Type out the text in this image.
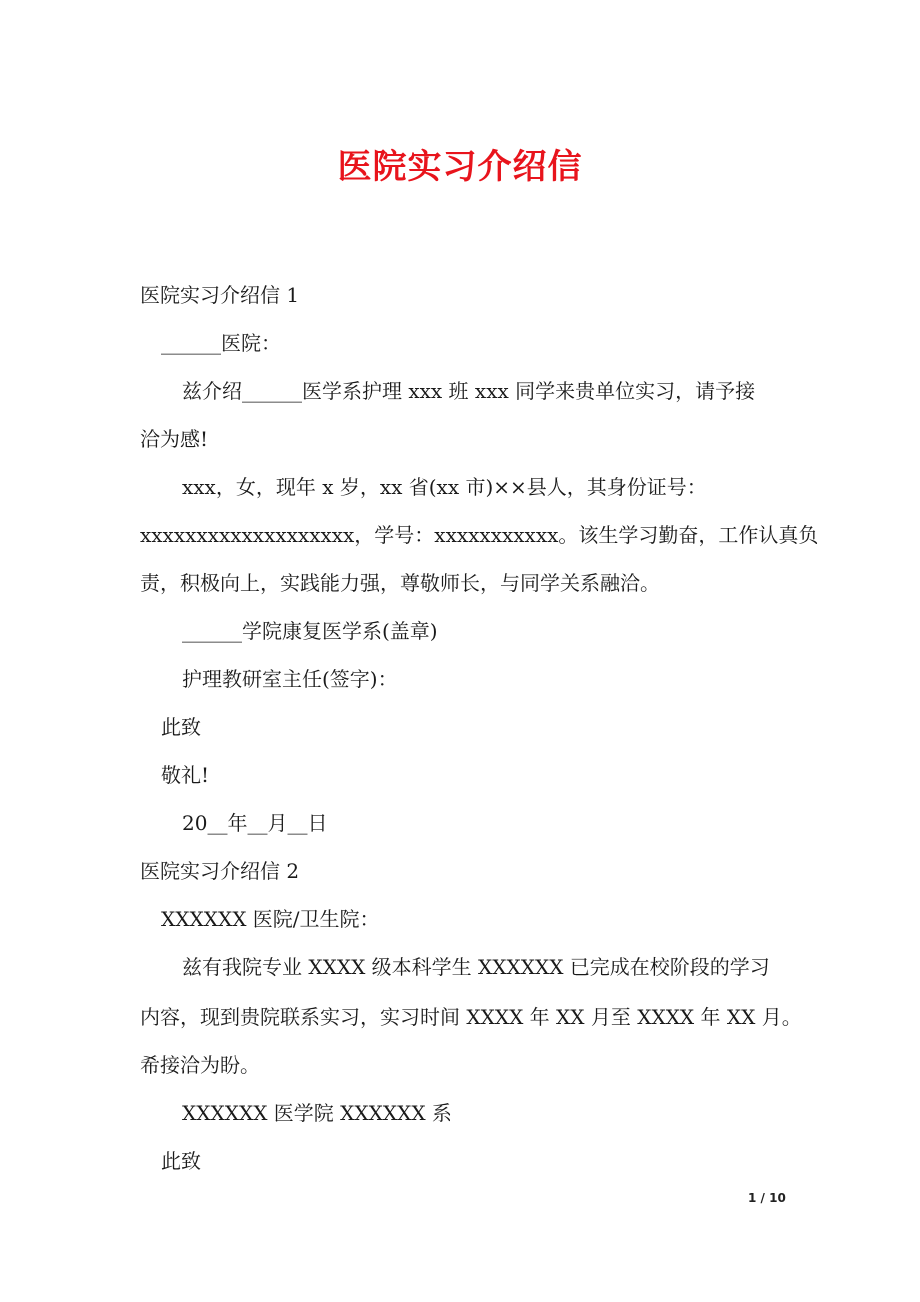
医院实习介绍信
医院实习介绍信 1
______医院：
兹介绍______医学系护理 xxx 班 xxx 同学来贵单位实习，请予接
洽为感!
xxx，女，现年 x 岁，xx 省(xx 市)××县人，其身份证号：
xxxxxxxxxxxxxxxxxxx，学号：xxxxxxxxxxx。该生学习勤奋，工作认真负
责，积极向上，实践能力强，尊敬师长，与同学关系融洽。
______学院康复医学系(盖章)
护理教研室主任(签字)：
此致
敬礼!
20__年__月__日
医院实习介绍信 2
XXXXXX 医院/卫生院：
兹有我院专业 XXXX 级本科学生 XXXXXX 已完成在校阶段的学习
内容，现到贵院联系实习，实习时间 XXXX 年 XX 月至 XXXX 年 XX 月。
希接洽为盼。
XXXXXX 医学院 XXXXXX 系
此致
1 / 10
